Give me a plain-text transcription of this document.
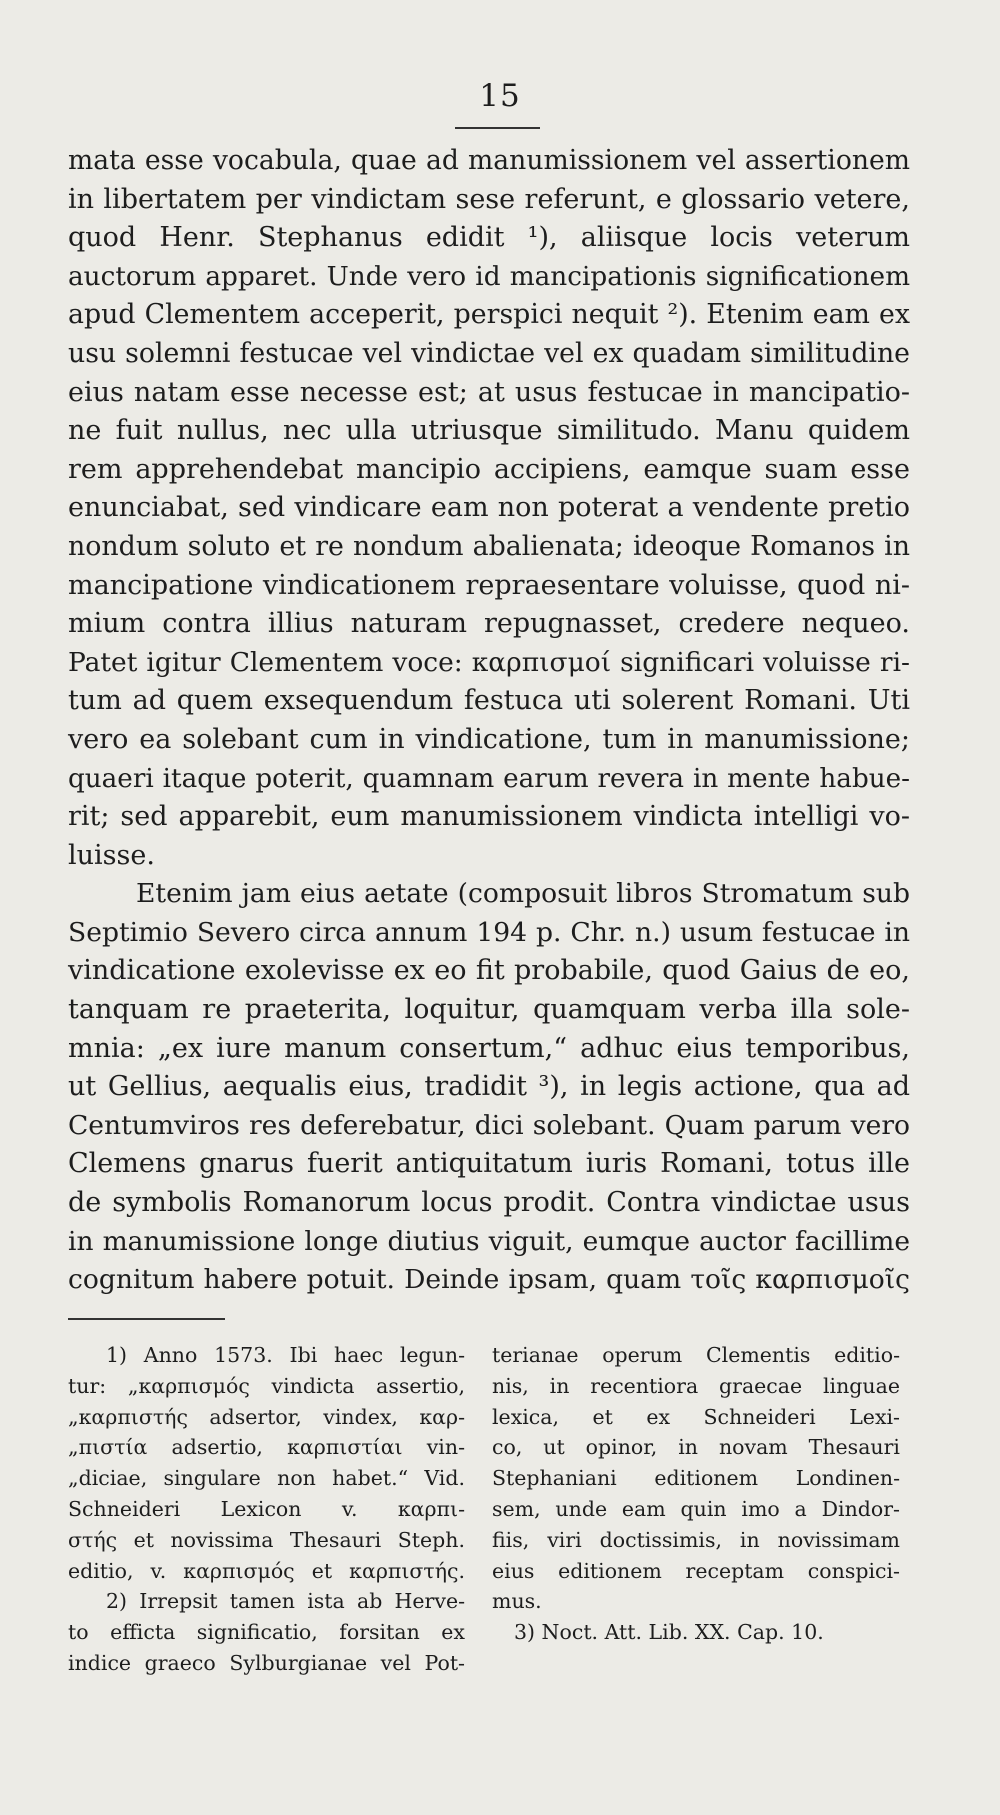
15
mata esse vocabula, quae ad manumissionem vel assertionem
in libertatem per vindictam sese referunt, e glossario vetere,
quod Henr. Stephanus edidit ¹), aliisque locis veterum
auctorum apparet. Unde vero id mancipationis significationem
apud Clementem acceperit, perspici nequit ²). Etenim eam ex
usu solemni festucae vel vindictae vel ex quadam similitudine
eius natam esse necesse est; at usus festucae in mancipatio-
ne fuit nullus, nec ulla utriusque similitudo. Manu quidem
rem apprehendebat mancipio accipiens, eamque suam esse
enunciabat, sed vindicare eam non poterat a vendente pretio
nondum soluto et re nondum abalienata; ideoque Romanos in
mancipatione vindicationem repraesentare voluisse, quod ni-
mium contra illius naturam repugnasset, credere nequeo.
Patet igitur Clementem voce: καρπισμοί significari voluisse ri-
tum ad quem exsequendum festuca uti solerent Romani. Uti
vero ea solebant cum in vindicatione, tum in manumissione;
quaeri itaque poterit, quamnam earum revera in mente habue-
rit; sed apparebit, eum manumissionem vindicta intelligi vo-
luisse.
Etenim jam eius aetate (composuit libros Stromatum sub
Septimio Severo circa annum 194 p. Chr. n.) usum festucae in
vindicatione exolevisse ex eo fit probabile, quod Gaius de eo,
tanquam re praeterita, loquitur, quamquam verba illa sole-
mnia: „ex iure manum consertum,“ adhuc eius temporibus,
ut Gellius, aequalis eius, tradidit ³), in legis actione, qua ad
Centumviros res deferebatur, dici solebant. Quam parum vero
Clemens gnarus fuerit antiquitatum iuris Romani, totus ille
de symbolis Romanorum locus prodit. Contra vindictae usus
in manumissione longe diutius viguit, eumque auctor facillime
cognitum habere potuit. Deinde ipsam, quam τοῖς καρπισμοῖς
1) Anno 1573. Ibi haec legun-
tur: „καρπισμός vindicta assertio,
„καρπιστής adsertor, vindex, καρ-
„πιστία adsertio, καρπιστίαι vin-
„diciae, singulare non habet.“ Vid.
Schneideri Lexicon v. καρπι-
στής et novissima Thesauri Steph.
editio, v. καρπισμός et καρπιστής.
2) Irrepsit tamen ista ab Herve-
to efficta significatio, forsitan ex
indice graeco Sylburgianae vel Pot-
terianae operum Clementis editio-
nis, in recentiora graecae linguae
lexica, et ex Schneideri Lexi-
co, ut opinor, in novam Thesauri
Stephaniani editionem Londinen-
sem, unde eam quin imo a Dindor-
fiis, viri doctissimis, in novissimam
eius editionem receptam conspici-
mus.
3) Noct. Att. Lib. XX. Cap. 10.
